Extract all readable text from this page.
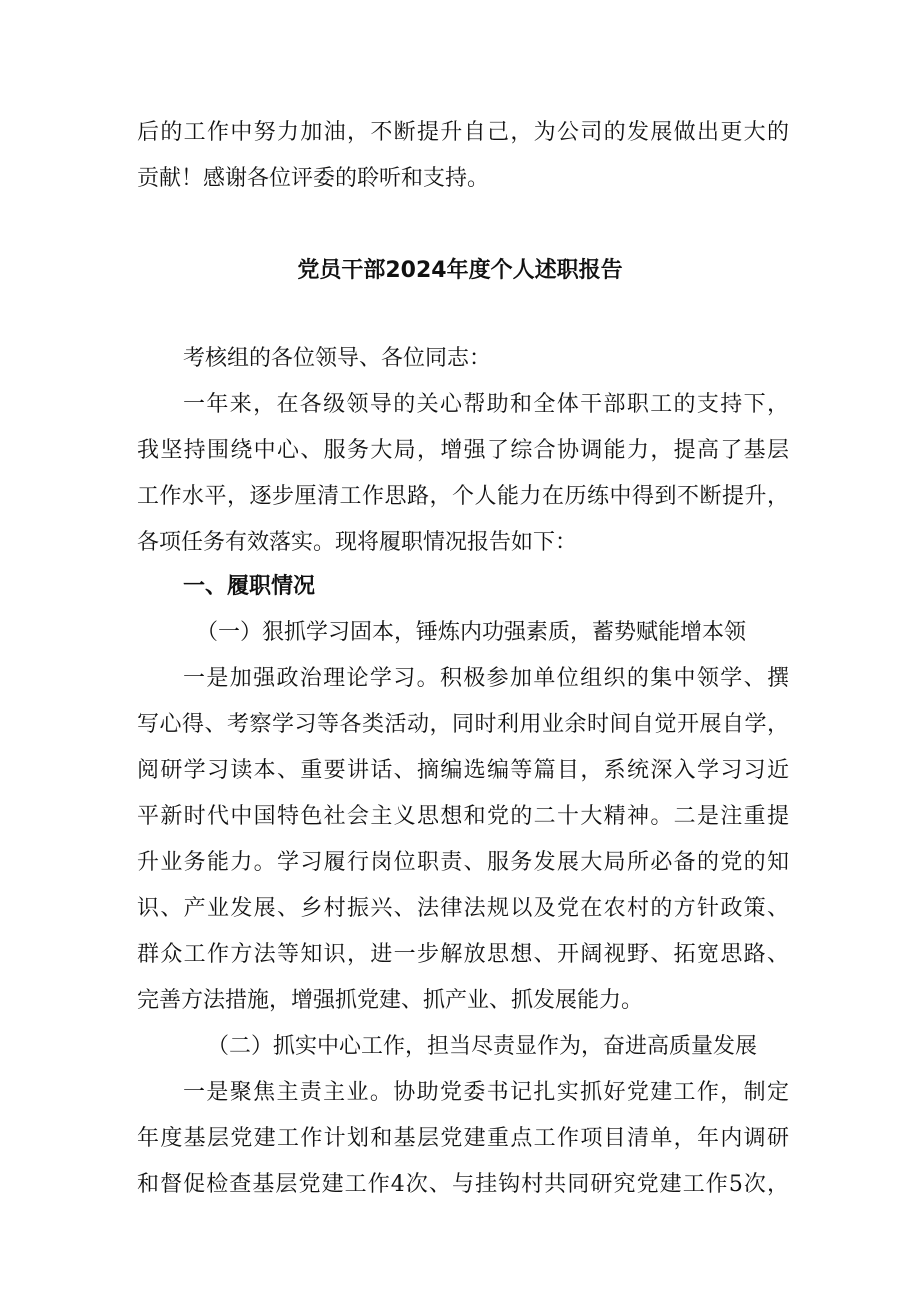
后的工作中努力加油，不断提升自己，为公司的发展做出更大的
贡献！感谢各位评委的聆听和支持。
党员干部2024年度个人述职报告
考核组的各位领导、各位同志：
一年来，在各级领导的关心帮助和全体干部职工的支持下，
我坚持围绕中心、服务大局，增强了综合协调能力，提高了基层
工作水平，逐步厘清工作思路，个人能力在历练中得到不断提升，
各项任务有效落实。现将履职情况报告如下：
一、履职情况
（一）狠抓学习固本，锤炼内功强素质，蓄势赋能增本领
一是加强政治理论学习。积极参加单位组织的集中领学、撰
写心得、考察学习等各类活动，同时利用业余时间自觉开展自学，
阅研学习读本、重要讲话、摘编选编等篇目，系统深入学习习近
平新时代中国特色社会主义思想和党的二十大精神。二是注重提
升业务能力。学习履行岗位职责、服务发展大局所必备的党的知
识、产业发展、乡村振兴、法律法规以及党在农村的方针政策、
群众工作方法等知识，进一步解放思想、开阔视野、拓宽思路、
完善方法措施，增强抓党建、抓产业、抓发展能力。
（二）抓实中心工作，担当尽责显作为，奋进高质量发展
一是聚焦主责主业。协助党委书记扎实抓好党建工作，制定
年度基层党建工作计划和基层党建重点工作项目清单，年内调研
和督促检查基层党建工作4次、与挂钩村共同研究党建工作5次，
